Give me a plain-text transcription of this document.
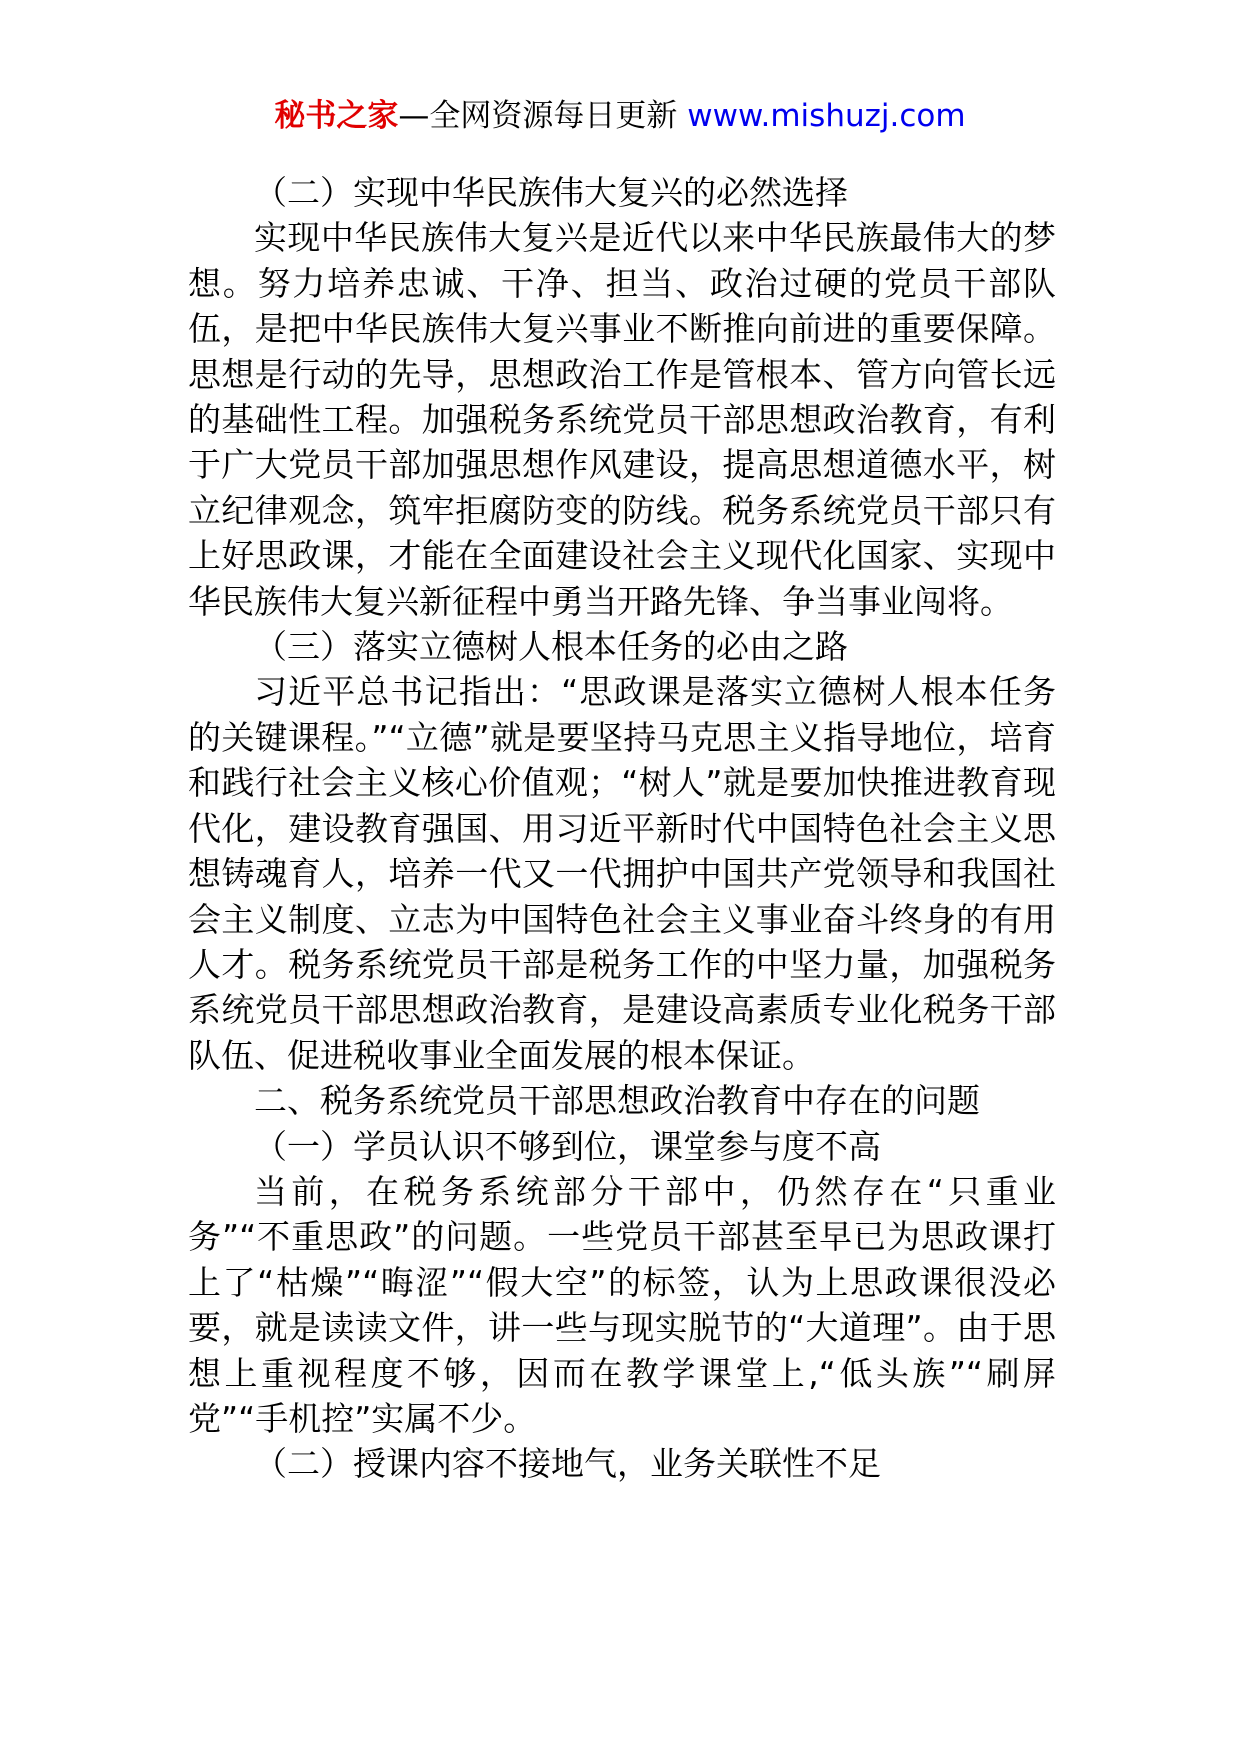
秘书之家—全网资源每日更新 www.mishuzj.com

（二）实现中华民族伟大复兴的必然选择

实现中华民族伟大复兴是近代以来中华民族最伟大的梦想。努力培养忠诚、干净、担当、政治过硬的党员干部队伍，是把中华民族伟大复兴事业不断推向前进的重要保障。思想是行动的先导，思想政治工作是管根本、管方向管长远的基础性工程。加强税务系统党员干部思想政治教育，有利于广大党员干部加强思想作风建设，提高思想道德水平，树立纪律观念，筑牢拒腐防变的防线。税务系统党员干部只有上好思政课，才能在全面建设社会主义现代化国家、实现中华民族伟大复兴新征程中勇当开路先锋、争当事业闯将。

（三）落实立德树人根本任务的必由之路

习近平总书记指出：“思政课是落实立德树人根本任务的关键课程。”“立德”就是要坚持马克思主义指导地位，培育和践行社会主义核心价值观；“树人”就是要加快推进教育现代化，建设教育强国、用习近平新时代中国特色社会主义思想铸魂育人，培养一代又一代拥护中国共产党领导和我国社会主义制度、立志为中国特色社会主义事业奋斗终身的有用人才。税务系统党员干部是税务工作的中坚力量，加强税务系统党员干部思想政治教育，是建设高素质专业化税务干部队伍、促进税收事业全面发展的根本保证。

二、税务系统党员干部思想政治教育中存在的问题

（一）学员认识不够到位，课堂参与度不高

当前，在税务系统部分干部中，仍然存在“只重业务”“不重思政”的问题。一些党员干部甚至早已为思政课打上了“枯燥”“晦涩”“假大空”的标签，认为上思政课很没必要，就是读读文件，讲一些与现实脱节的“大道理”。由于思想上重视程度不够，因而在教学课堂上,“低头族”“刷屏党”“手机控”实属不少。

（二）授课内容不接地气，业务关联性不足
